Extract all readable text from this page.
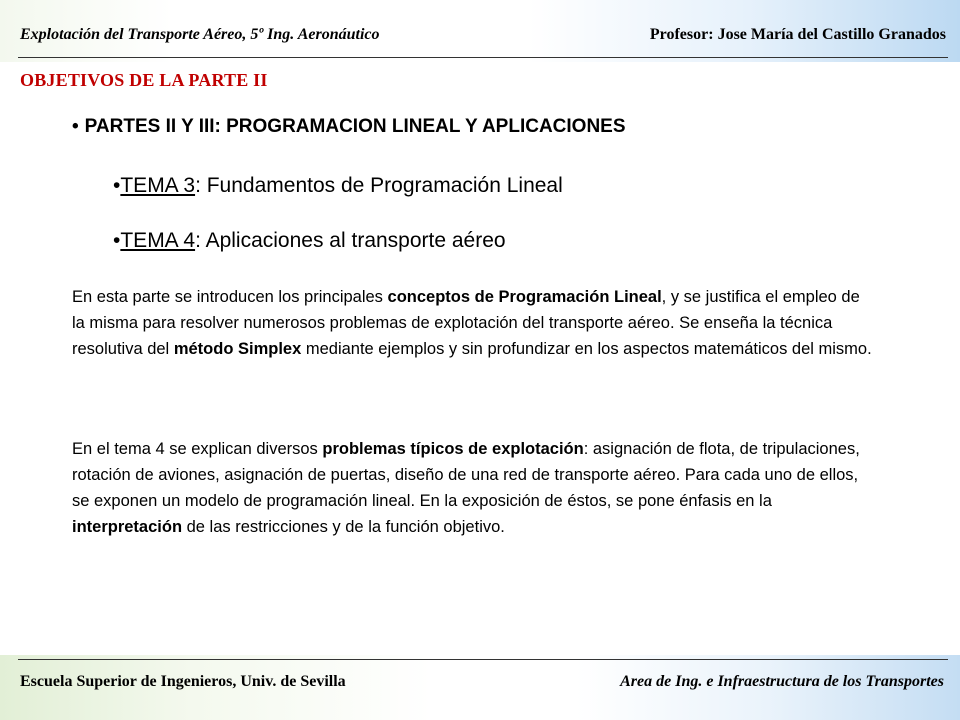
Explotación del Transporte Aéreo, 5º Ing. Aeronáutico	Profesor: Jose María del Castillo Granados
OBJETIVOS DE LA PARTE II
• PARTES II Y III: PROGRAMACION LINEAL Y APLICACIONES
•TEMA 3: Fundamentos de Programación Lineal
•TEMA 4: Aplicaciones al transporte aéreo
En esta parte se introducen los principales conceptos de Programación Lineal, y se justifica el empleo de la misma para resolver numerosos problemas de explotación del transporte aéreo. Se enseña la técnica resolutiva del método Simplex mediante ejemplos y sin profundizar en los aspectos matemáticos del mismo.
En el tema 4 se explican diversos problemas típicos de explotación: asignación de flota, de tripulaciones, rotación de aviones, asignación de puertas, diseño de una red de transporte aéreo. Para cada uno de ellos, se exponen un modelo de programación lineal. En la exposición de éstos, se pone énfasis en la interpretación de las restricciones y de la función objetivo.
Escuela Superior de Ingenieros, Univ. de Sevilla	Area de Ing. e Infraestructura de los Transportes
